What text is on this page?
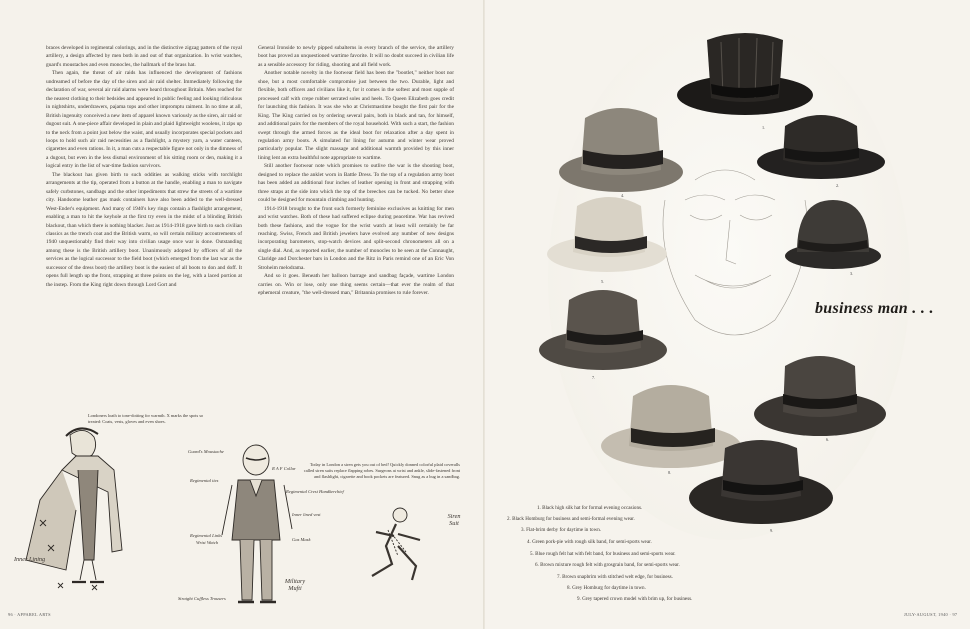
braces developed in regimental colorings, and in the distinctive zigzag pattern of the royal artillery, a design affected by men both in and out of that organization. In wrist watches, guard's moustaches and even monocles, the hallmark of the brass hat.

Then again, the threat of air raids has influenced the development of fashions undreamed of before the day of the siren and air raid shelter. Immediately following the declaration of war, several air raid alarms were heard throughout Britain. Men reached for the nearest clothing to their bedsides and appeared in public feeling and looking ridiculous in nightshirts, underdrawers, pajama tops and other impromptu raiment. In no time at all, British ingenuity conceived a new item of apparel known variously as the siren, air raid or dugout suit. A one-piece affair developed in plain and plaid lightweight woolens, it zips up to the neck from a point just below the waist, and usually incorporates special pockets and loops to hold such air raid necessities as a flashlight, a mystery yarn, a water canteen, cigarettes and even rations. In it, a man cuts a respectable figure not only in the dimness of a dugout, but even in the less dismal environment of his sitting room or den, making it a logical entry in the list of war-time fashion survivors.

The blackout has given birth to such oddities as walking sticks with torchlight arrangements at the tip, operated from a button at the handle, enabling a man to navigate safely curbstones, sandbags and the other impediments that strew the streets of a wartime city. Handsome leather gas mask containers have also been added to the well-dressed West-Ender's equipment. And many of 1940's key rings contain a flashlight arrangement, enabling a man to hit the keyhole at the first try even in the midst of a blinding British blackout, than which there is nothing blacker. Just as 1914-1918 gave birth to such civilian classics as the trench coat and the British warm, so will certain military accoutrements of 1940 unquestionably find their way into civilian usage once war is done. Outstanding among these is the British artillery boot. Unanimously adopted by officers of all the services as the logical successor to the field boot (which emerged from the last war as the successor of the dress boot) the artillery boot is the easiest of all boots to don and doff. It opens full length up the front, strapping at three points on the leg, with a laced portion at the instep. From the King right down through Lord Gort and

General Ironside to newly pipped subalterns in every branch of the service, the artillery boot has proved an unquestioned wartime favorite. It will no doubt succeed in civilian life as a sensible accessory for riding, shooting and all field work.

Another notable novelty in the footwear field has been the "bootlet," neither boot nor shoe, but a most comfortable compromise just between the two. Durable, light and flexible, both officers and civilians like it, for it comes in the softest and most supple of processed calf with crepe rubber serrated soles and heels. To Queen Elizabeth goes credit for launching this fashion. It was she who at Christmastime bought the first pair for the King. The King carried on by ordering several pairs, both in black and tan, for himself, and additional pairs for the members of the royal household. With such a start, the fashion swept through the armed forces as the ideal boot for relaxation after a day spent in regulation army boots. A simulated fur lining for autumn and winter wear proved particularly popular. The slight massage and additional warmth provided by this inner lining lent an extra healthful note appropriate to wartime.

Still another footwear note which promises to outlive the war is the shooting boot, designed to replace the anklet worn in Battle Dress. To the top of a regulation army boot has been added an additional four inches of leather opening in front and strapping with three straps at the side into which the top of the breeches can be tucked. No better shoe could be designed for mountain climbing and hunting.

1914-1918 brought to the front such formerly feminine exclusives as knitting for men and wrist watches. Both of these had suffered eclipse during peacetime. War has revived both these fashions, and the vogue for the wrist watch at least will certainly be far reaching. Swiss, French and British jewelers have evolved any number of new designs incorporating barometers, stop-watch devices and split-second chronometers all on a single dial. And, as reported earlier, the number of monocles to be seen at the Connaught, Claridge and Dorchester bars in London and the Ritz in Paris remind one of an Eric Von Stroheim melodrama.

And so it goes. Beneath her balloon barrage and sandbag façade, wartime London carries on. Win or lose, only one thing seems certain—that ever the realm of that ephemeral creature, "the well-dressed man," Britannia promises to rule forever.

Londoners loath to tone-dotting for warmth. X marks the spots so treated: Coats, vests, gloves and even shoes.
Today in London a siren gets you out of bed! Quickly donned colorful plaid coveralls called siren suits replace flapping robes. Surgeons at wrist and ankle, slide-fastened front and flashlight, cigarette and book pockets are featured. Snug as a bug in a sandbag.
Guard's Moustache
R A F Collar
Regimental ties
Regimental Crest Handkerchief
Inner lined vest
Regimental Links
Wrist Watch
Gas Mask
Straight Cuffless Trousers
Inner Lining
Military Mufti
Siren Suit
96 · APPAREL ARTS
business man . . .
1.
2.
3.
4.
5.
6.
7.
8.
9.
1. Black high silk hat for formal evening occasions.
2. Black Homburg for business and semi-formal evening wear.
3. Flat-brim derby for daytime in town.
4. Green pork-pie with rough silk band, for semi-sports wear.
5. Blue rough felt hat with felt band, for business and semi-sports wear.
6. Brown mixture rough felt with grosgrain band, for semi-sports wear.
7. Brown snapbrim with stitched welt edge, for business.
8. Grey Homburg for daytime in town.
9. Grey tapered crown model with brim up, for business.
JULY-AUGUST, 1940 · 97
